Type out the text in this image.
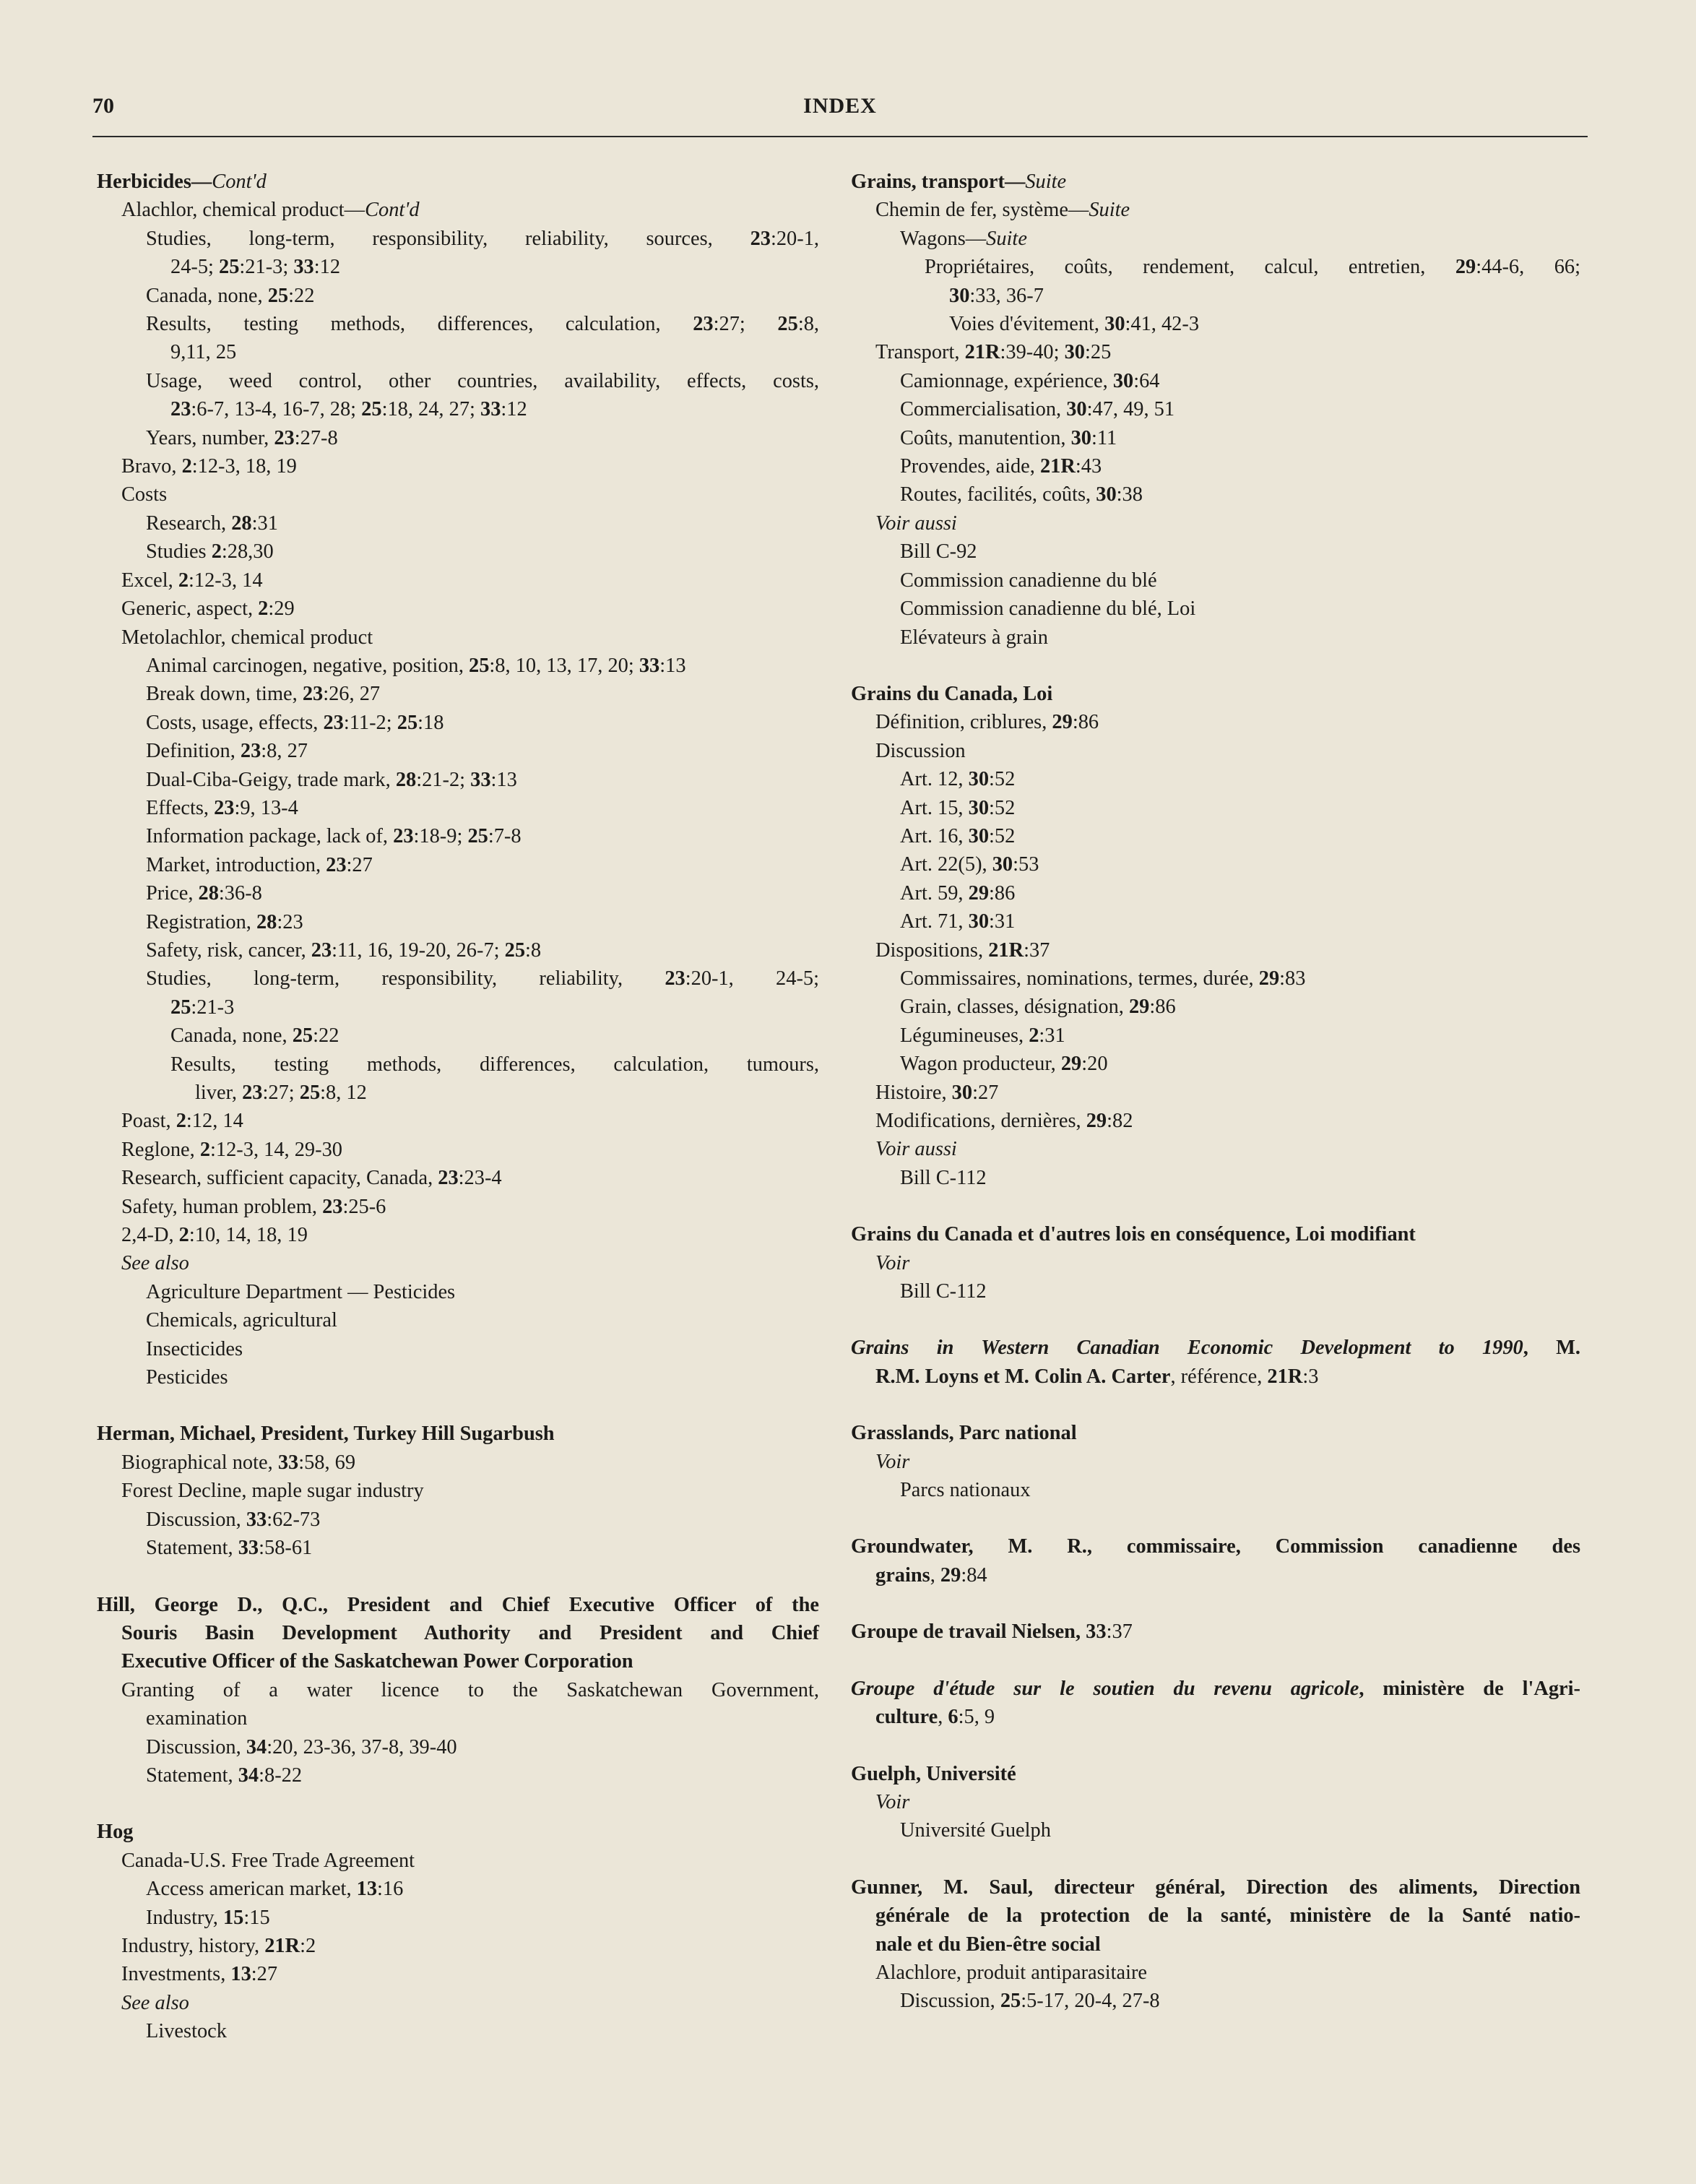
70	INDEX
Herbicides—Cont'd
Alachlor, chemical product—Cont'd
Studies, long-term, responsibility, reliability, sources, 23:20-1,
24-5; 25:21-3; 33:12
Canada, none, 25:22
Results, testing methods, differences, calculation, 23:27; 25:8,
9,11, 25
Usage, weed control, other countries, availability, effects, costs,
23:6-7, 13-4, 16-7, 28; 25:18, 24, 27; 33:12
Years, number, 23:27-8
Bravo, 2:12-3, 18, 19
Costs
Research, 28:31
Studies 2:28,30
Excel, 2:12-3, 14
Generic, aspect, 2:29
Metolachlor, chemical product
Animal carcinogen, negative, position, 25:8, 10, 13, 17, 20; 33:13
Break down, time, 23:26, 27
Costs, usage, effects, 23:11-2; 25:18
Definition, 23:8, 27
Dual-Ciba-Geigy, trade mark, 28:21-2; 33:13
Effects, 23:9, 13-4
Information package, lack of, 23:18-9; 25:7-8
Market, introduction, 23:27
Price, 28:36-8
Registration, 28:23
Safety, risk, cancer, 23:11, 16, 19-20, 26-7; 25:8
Studies, long-term, responsibility, reliability, 23:20-1, 24-5;
25:21-3
Canada, none, 25:22
Results, testing methods, differences, calculation, tumours,
liver, 23:27; 25:8, 12
Poast, 2:12, 14
Reglone, 2:12-3, 14, 29-30
Research, sufficient capacity, Canada, 23:23-4
Safety, human problem, 23:25-6
2,4-D, 2:10, 14, 18, 19
See also
Agriculture Department — Pesticides
Chemicals, agricultural
Insecticides
Pesticides
Herman, Michael, President, Turkey Hill Sugarbush
Biographical note, 33:58, 69
Forest Decline, maple sugar industry
Discussion, 33:62-73
Statement, 33:58-61
Hill, George D., Q.C., President and Chief Executive Officer of the
Souris Basin Development Authority and President and Chief
Executive Officer of the Saskatchewan Power Corporation
Granting of a water licence to the Saskatchewan Government,
examination
Discussion, 34:20, 23-36, 37-8, 39-40
Statement, 34:8-22
Hog
Canada-U.S. Free Trade Agreement
Access american market, 13:16
Industry, 15:15
Industry, history, 21R:2
Investments, 13:27
See also
Livestock
Grains, transport—Suite
Chemin de fer, système—Suite
Wagons—Suite
Propriétaires, coûts, rendement, calcul, entretien, 29:44-6, 66;
30:33, 36-7
Voies d'évitement, 30:41, 42-3
Transport, 21R:39-40; 30:25
Camionnage, expérience, 30:64
Commercialisation, 30:47, 49, 51
Coûts, manutention, 30:11
Provendes, aide, 21R:43
Routes, facilités, coûts, 30:38
Voir aussi
Bill C-92
Commission canadienne du blé
Commission canadienne du blé, Loi
Elévateurs à grain
Grains du Canada, Loi
Définition, criblures, 29:86
Discussion
Art. 12, 30:52
Art. 15, 30:52
Art. 16, 30:52
Art. 22(5), 30:53
Art. 59, 29:86
Art. 71, 30:31
Dispositions, 21R:37
Commissaires, nominations, termes, durée, 29:83
Grain, classes, désignation, 29:86
Légumineuses, 2:31
Wagon producteur, 29:20
Histoire, 30:27
Modifications, dernières, 29:82
Voir aussi
Bill C-112
Grains du Canada et d'autres lois en conséquence, Loi modifiant
Voir
Bill C-112
Grains in Western Canadian Economic Development to 1990, M.
R.M. Loyns et M. Colin A. Carter, référence, 21R:3
Grasslands, Parc national
Voir
Parcs nationaux
Groundwater, M. R., commissaire, Commission canadienne des
grains, 29:84
Groupe de travail Nielsen, 33:37
Groupe d'étude sur le soutien du revenu agricole, ministère de l'Agri-
culture, 6:5, 9
Guelph, Université
Voir
Université Guelph
Gunner, M. Saul, directeur général, Direction des aliments, Direction
générale de la protection de la santé, ministère de la Santé natio-
nale et du Bien-être social
Alachlore, produit antiparasitaire
Discussion, 25:5-17, 20-4, 27-8
